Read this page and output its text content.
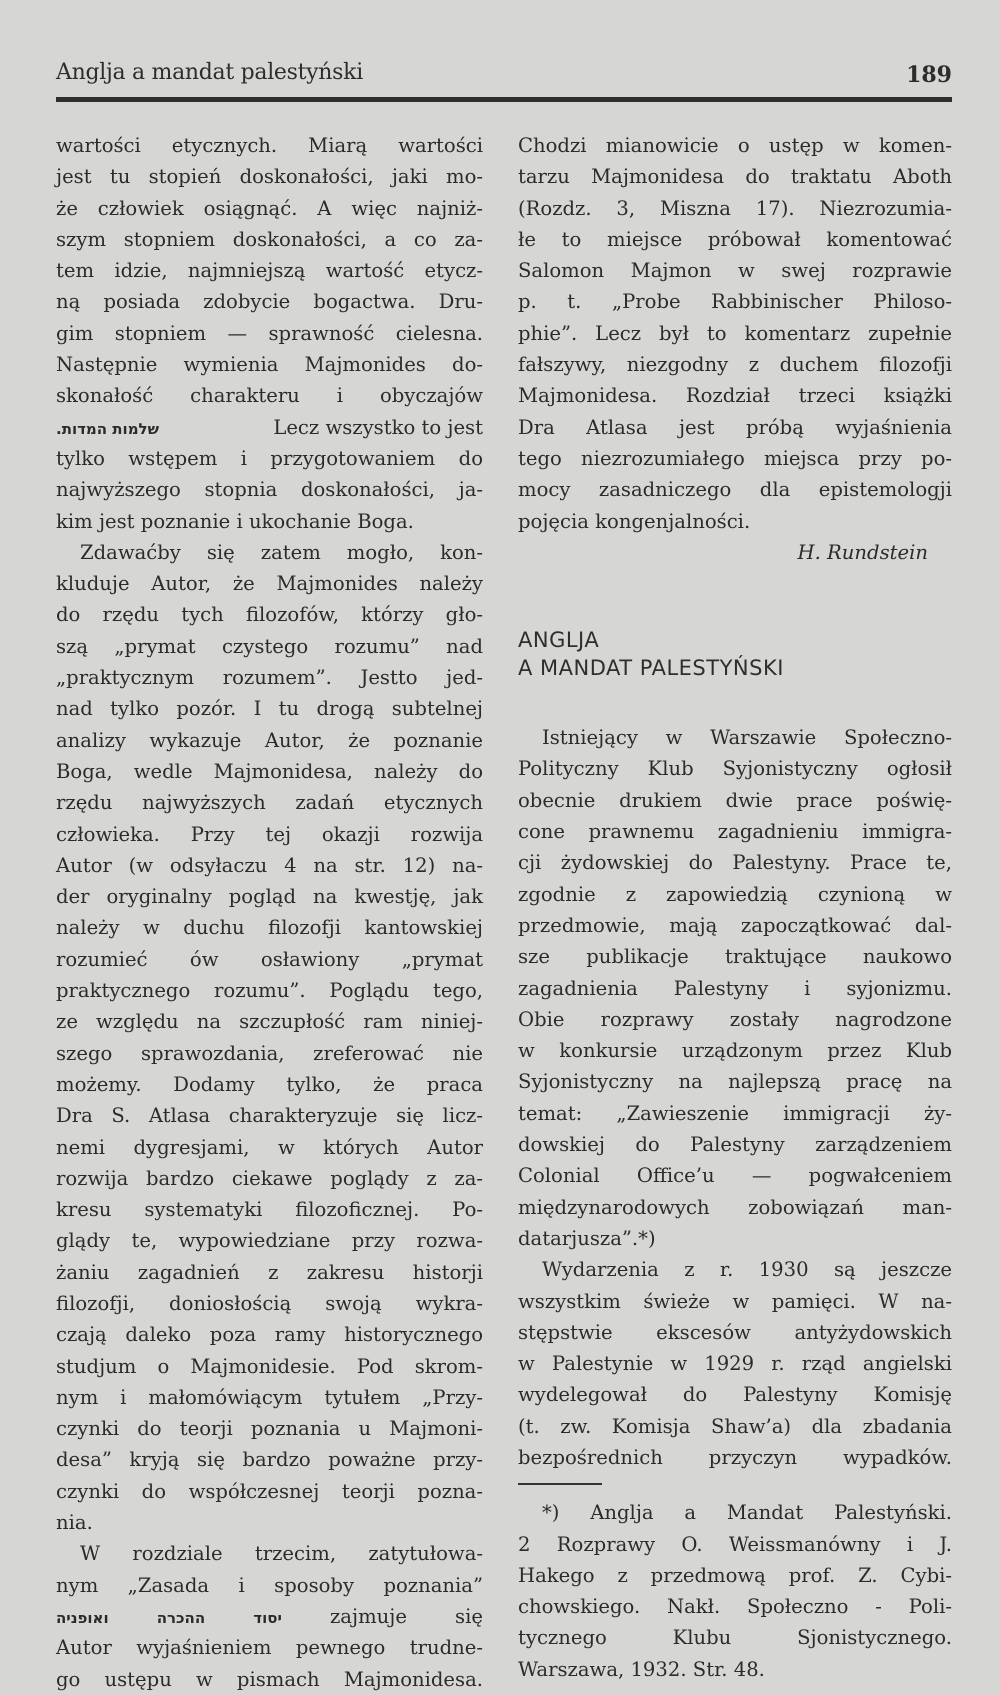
Anglja a mandat palestyński	189
wartości etycznych. Miarą wartości
jest tu stopień doskonałości, jaki mo-
że człowiek osiągnąć. A więc najniż-
szym stopniem doskonałości, a co za-
tem idzie, najmniejszą wartość etycz-
ną posiada zdobycie bogactwa. Dru-
gim stopniem — sprawność cielesna.
Następnie wymienia Majmonides do-
skonałość charakteru i obyczajów
שלמות המדות.	Lecz wszystko to jest
tylko wstępem i przygotowaniem do
najwyższego stopnia doskonałości, ja-
kim jest poznanie i ukochanie Boga.
Zdawaćby się zatem mogło, kon-
kluduje Autor, że Majmonides należy
do rzędu tych filozofów, którzy gło-
szą „prymat czystego rozumu” nad
„praktycznym rozumem”. Jestto jed-
nad tylko pozór. I tu drogą subtelnej
analizy wykazuje Autor, że poznanie
Boga, wedle Majmonidesa, należy do
rzędu najwyższych zadań etycznych
człowieka. Przy tej okazji rozwija
Autor (w odsyłaczu 4 na str. 12) na-
der oryginalny pogląd na kwestję, jak
należy w duchu filozofji kantowskiej
rozumieć ów osławiony „prymat
praktycznego rozumu”. Poglądu tego,
ze względu na szczupłość ram niniej-
szego sprawozdania, zreferować nie
możemy. Dodamy tylko, że praca
Dra S. Atlasa charakteryzuje się licz-
nemi dygresjami, w których Autor
rozwija bardzo ciekawe poglądy z za-
kresu systematyki filozoficznej. Po-
glądy te, wypowiedziane przy rozwa-
żaniu zagadnień z zakresu historji
filozofji, doniosłością swoją wykra-
czają daleko poza ramy historycznego
studjum o Majmonidesie. Pod skrom-
nym i małomówiącym tytułem „Przy-
czynki do teorji poznania u Majmoni-
desa” kryją się bardzo poważne przy-
czynki do współczesnej teorji pozna-
nia.
W rozdziale trzecim, zatytułowa-
nym „Zasada i sposoby poznania”
ואופניה	ההכרה	יסוד zajmuje się
Autor wyjaśnieniem pewnego trudne-
go ustępu w pismach Majmonidesa.
Chodzi mianowicie o ustęp w komen-
tarzu Majmonidesa do traktatu Aboth
(Rozdz. 3, Miszna 17). Niezrozumia-
łe to miejsce próbował komentować
Salomon Majmon w swej rozprawie
p. t. „Probe Rabbinischer Philoso-
phie”. Lecz był to komentarz zupełnie
fałszywy, niezgodny z duchem filozofji
Majmonidesa. Rozdział trzeci książki
Dra Atlasa jest próbą wyjaśnienia
tego niezrozumiałego miejsca przy po-
mocy zasadniczego dla epistemologji
pojęcia kongenjalności.
H. Rundstein
ANGLJA
A MANDAT PALESTYŃSKI
Istniejący w Warszawie Społeczno-
Polityczny Klub Syjonistyczny ogłosił
obecnie drukiem dwie prace poświę-
cone prawnemu zagadnieniu immigra-
cji żydowskiej do Palestyny. Prace te,
zgodnie z zapowiedzią czynioną w
przedmowie, mają zapoczątkować dal-
sze publikacje traktujące naukowo
zagadnienia Palestyny i syjonizmu.
Obie rozprawy zostały nagrodzone
w konkursie urządzonym przez Klub
Syjonistyczny na najlepszą pracę na
temat: „Zawieszenie immigracji ży-
dowskiej do Palestyny zarządzeniem
Colonial Office’u — pogwałceniem
międzynarodowych zobowiązań man-
datarjusza”.*)
Wydarzenia z r. 1930 są jeszcze
wszystkim świeże w pamięci. W na-
stępstwie ekscesów antyżydowskich
w Palestynie w 1929 r. rząd angielski
wydelegował do Palestyny Komisję
(t. zw. Komisja Shaw’a) dla zbadania
bezpośrednich przyczyn wypadków.
*) Anglja a Mandat Palestyński.
2 Rozprawy O. Weissmanówny i J.
Hakego z przedmową prof. Z. Cybi-
chowskiego. Nakł. Społeczno - Poli-
tycznego Klubu Sjonistycznego.
Warszawa, 1932. Str. 48.
